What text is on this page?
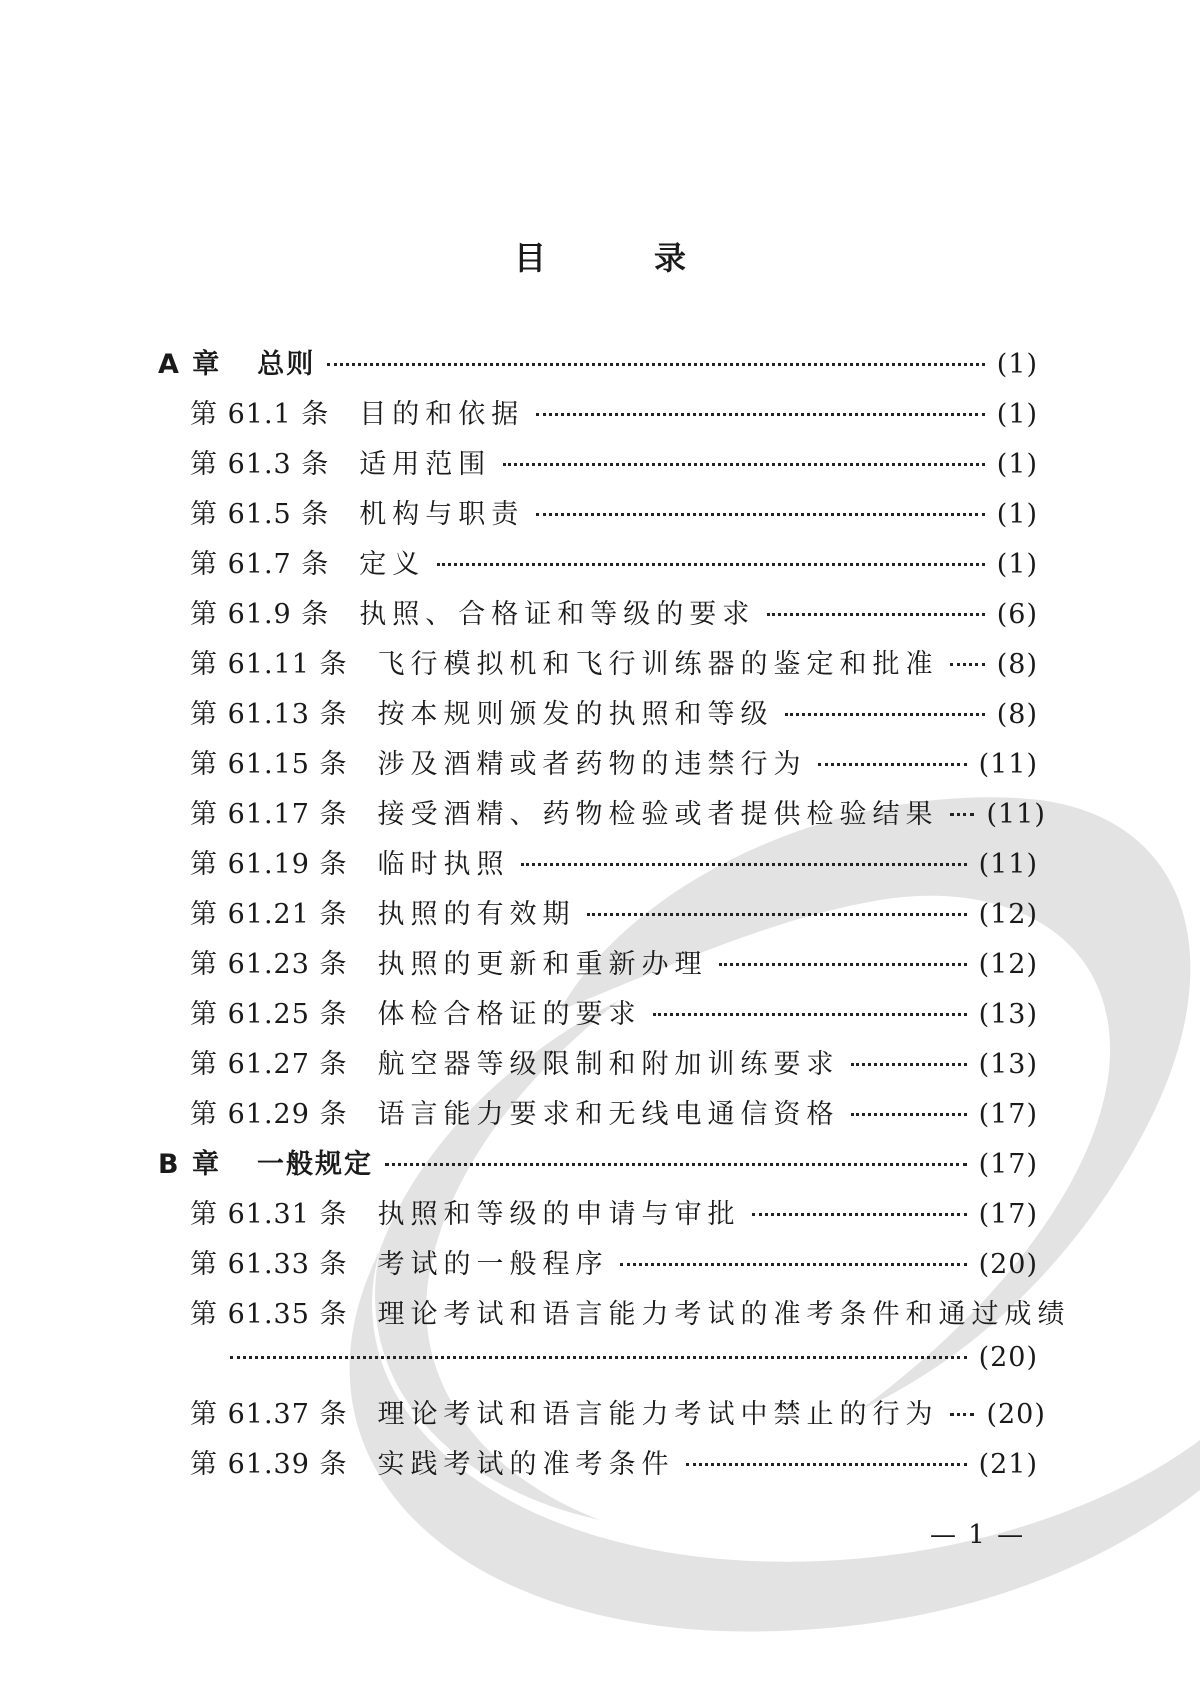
目　录
A 章 总则	(1)
第 61.1 条 目的和依据	(1)
第 61.3 条 适用范围	(1)
第 61.5 条 机构与职责	(1)
第 61.7 条 定义	(1)
第 61.9 条 执照、合格证和等级的要求	(6)
第 61.11 条 飞行模拟机和飞行训练器的鉴定和批准 (8)
第 61.13 条 按本规则颁发的执照和等级	(8)
第 61.15 条 涉及酒精或者药物的违禁行为	(11)
第 61.17 条 接受酒精、药物检验或者提供检验结果 (11)
第 61.19 条 临时执照	(11)
第 61.21 条 执照的有效期	(12)
第 61.23 条 执照的更新和重新办理	(12)
第 61.25 条 体检合格证的要求	(13)
第 61.27 条 航空器等级限制和附加训练要求	(13)
第 61.29 条 语言能力要求和无线电通信资格	(17)
B 章 一般规定	(17)
第 61.31 条 执照和等级的申请与审批	(17)
第 61.33 条 考试的一般程序	(20)
第 61.35 条 理论考试和语言能力考试的准考条件和通过成绩
(20)
第 61.37 条 理论考试和语言能力考试中禁止的行为 (20)
第 61.39 条 实践考试的准考条件	(21)
— 1 —
